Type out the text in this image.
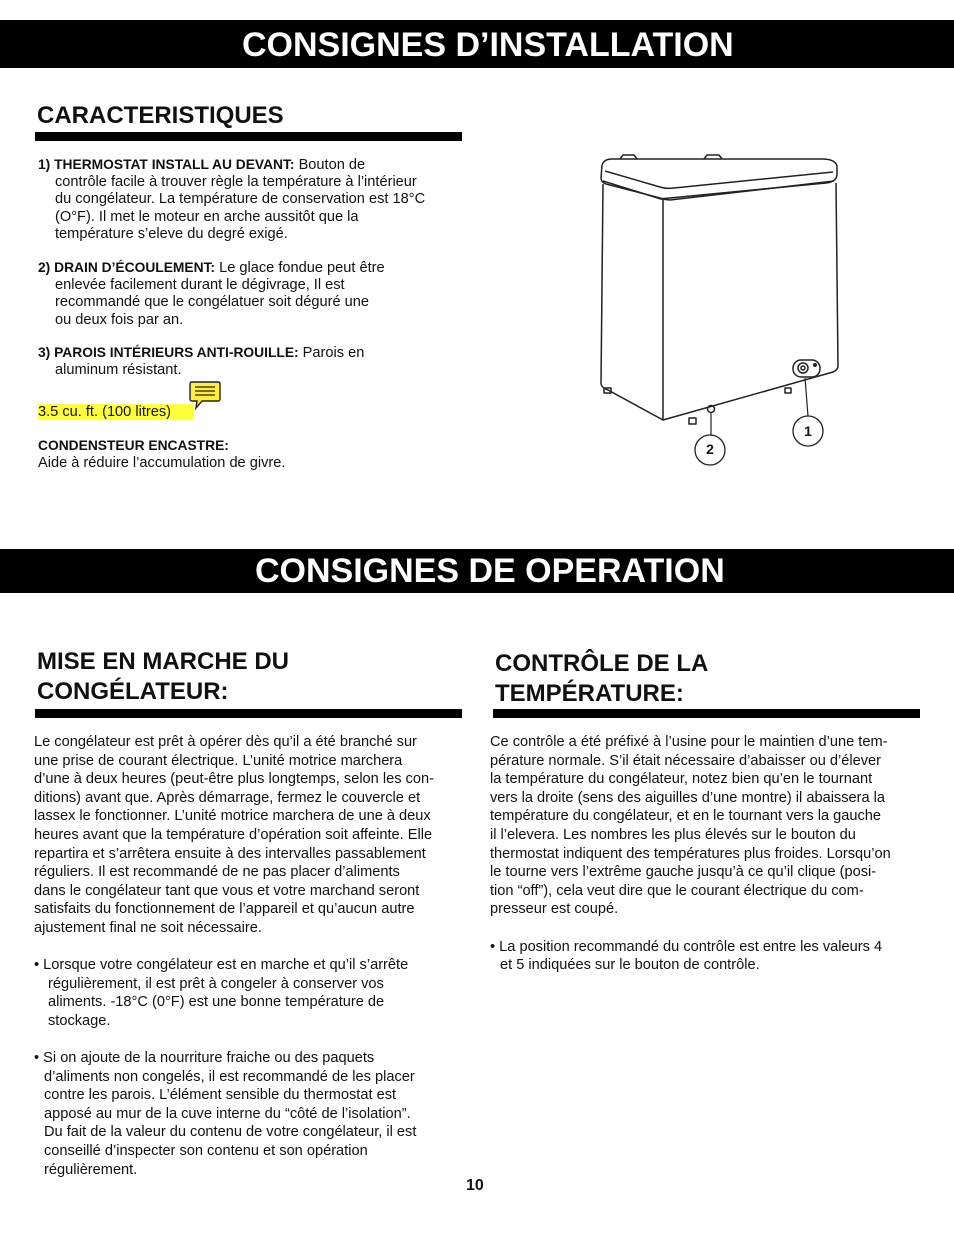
CONSIGNES D’INSTALLATION
CONSIGNES DE OPERATION
CARACTERISTIQUES
1) THERMOSTAT INSTALL AU DEVANT: Bouton de
contrôle facile à trouver règle la température à l’intérieur
du congélateur. La température de conservation est 18°C
(O°F). Il met le moteur en arche aussitôt que la
température s’eleve du degré exigé.
2) DRAIN D’ÉCOULEMENT: Le glace fondue peut être
enlevée facilement durant le dégivrage, Il est
recommandé que le congélatuer soit déguré une
ou deux fois par an.
3) PAROIS INTÉRIEURS ANTI-ROUILLE: Parois en
aluminum résistant.
3.5 cu. ft. (100 litres)
CONDENSTEUR ENCASTRE:
Aide à réduire l’accumulation de givre.
2
1
MISE EN MARCHE DU
CONGÉLATEUR:

Le congélateur est prêt à opérer dès qu’il a été branché sur

une prise de courant électrique. L’unité motrice marchera

d’une à deux heures (peut-être plus longtemps, selon les con-

ditions) avant que. Après démarrage, fermez le couvercle et

lassex le fonctionner. L’unité motrice marchera de une à deux

heures avant que la température d’opération soit affeinte. Elle

repartira et s’arrêtera ensuite à des intervalles passablement

réguliers. Il est recommandé de ne pas placer d’aliments

dans le congélateur tant que vous et votre marchand seront

satisfaits du fonctionnement de l’appareil et qu’aucun autre

ajustement final ne soit nécessaire.

• Lorsque votre congélateur est en marche et qu’il s’arrête

régulièrement, il est prêt à congeler à conserver vos

aliments. -18°C (0°F) est une bonne température de

stockage.

• Si on ajoute de la nourriture fraiche ou des paquets

d’aliments non congelés, il est recommandé de les placer

contre les parois. L’élément sensible du thermostat est

apposé au mur de la cuve interne du “côté de l’isolation”.

Du fait de la valeur du contenu de votre congélateur, il est

conseillé d’inspecter son contenu et son opération

régulièrement.

CONTRÔLE DE LA
TEMPÉRATURE:

Ce contrôle a été préfixé à l’usine pour le maintien d’une tem-

pérature normale. S’il était nécessaire d’abaisser ou d’élever

la température du congélateur, notez bien qu’en le tournant

vers la droite (sens des aiguilles d’une montre) il abaissera la

température du congélateur, et en le tournant vers la gauche

il l’elevera. Les nombres les plus élevés sur le bouton du

thermostat indiquent des températures plus froides. Lorsqu’on

le tourne vers l’extrême gauche jusqu’à ce qu’il clique (posi-

tion “off”), cela veut dire que le courant électrique du com-

presseur est coupé.

• La position recommandé du contrôle est entre les valeurs 4

et 5 indiquées sur le bouton de contrôle.

10
